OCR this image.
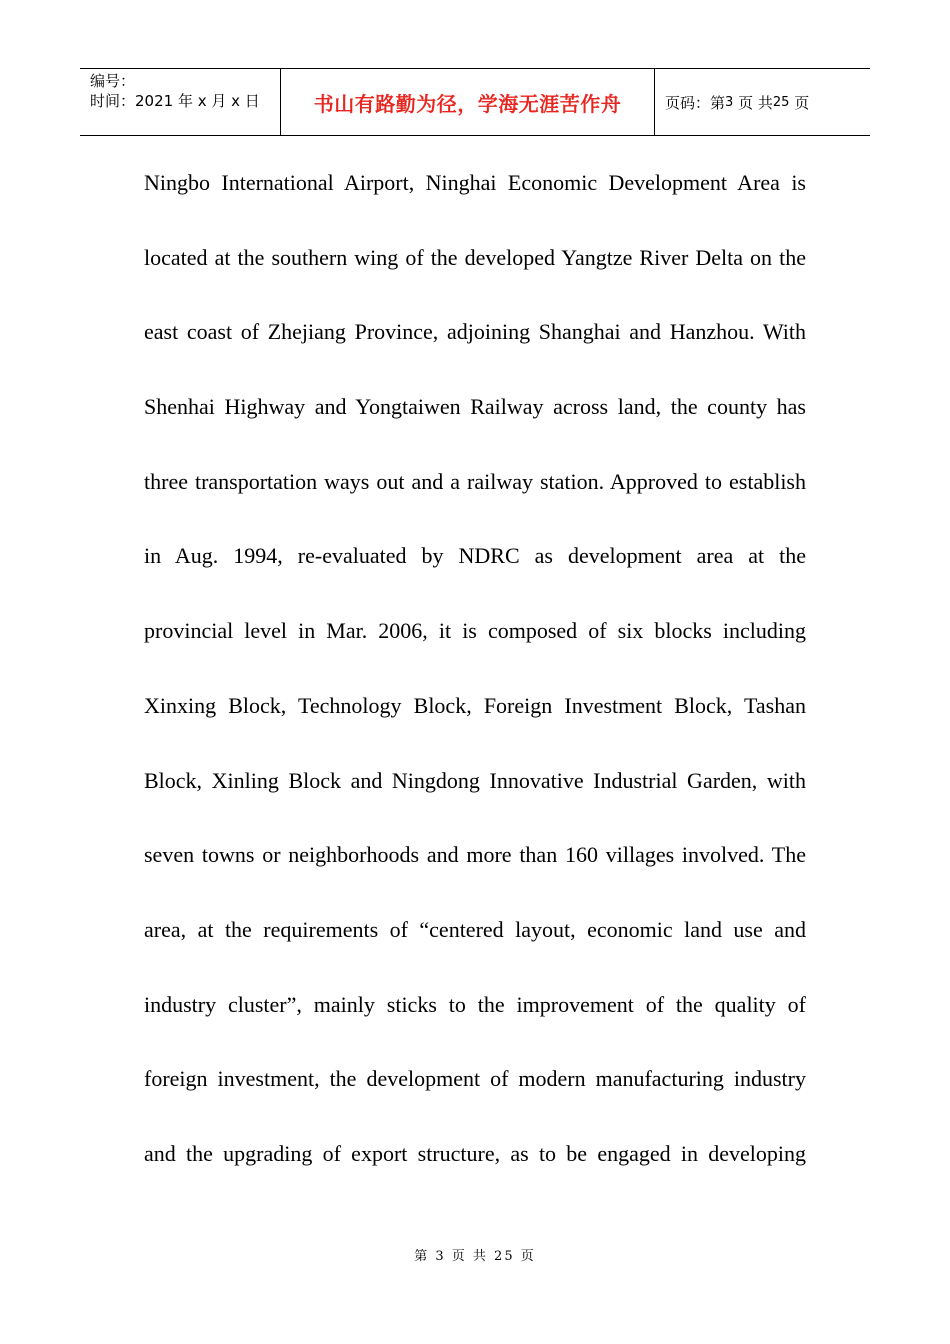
编号：
时间：2021 年 x 月 x 日	书山有路勤为径，学海无涯苦作舟	页码：第 3
页 共 25
页
Ningbo International Airport, Ninghai Economic Development Area is
located at the southern wing of the developed Yangtze River Delta on the
east coast of Zhejiang Province, adjoining Shanghai and Hanzhou. With
Shenhai Highway and Yongtaiwen Railway across land, the county has
three transportation ways out and a railway station. Approved to establish
in Aug. 1994, re-evaluated by NDRC as development area at the
provincial level in Mar. 2006, it is composed of six blocks including
Xinxing Block, Technology Block, Foreign Investment Block, Tashan
Block, Xinling Block and Ningdong Innovative Industrial Garden, with
seven towns or neighborhoods and more than 160 villages involved. The
area, at the requirements of “centered layout, economic land use and
industry cluster”, mainly sticks to the improvement of the quality of
foreign investment, the development of modern manufacturing industry
and the upgrading of export structure, as to be engaged in developing
第 3 页 共 25 页
